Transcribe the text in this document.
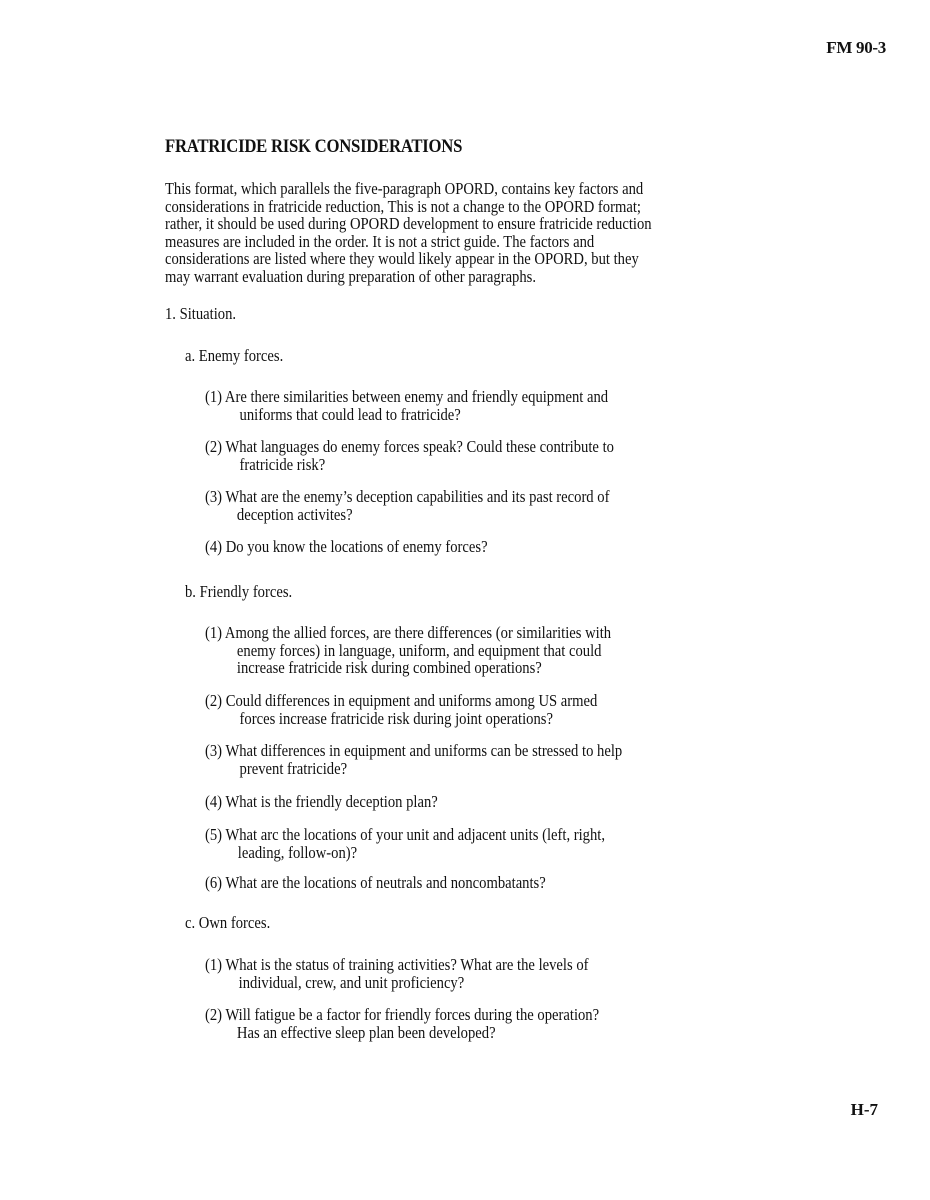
FM 90-3
FRATRICIDE RISK CONSIDERATIONS

This format, which parallels the five-paragraph OPORD, contains key factors and considerations in fratricide reduction, This is not a change to the OPORD format; rather, it should be used during OPORD development to ensure fratricide reduction measures are included in the order. It is not a strict guide. The factors and considerations are listed where they would likely appear in the OPORD, but they may warrant evaluation during preparation of other paragraphs.

1. Situation.
a. Enemy forces.
(1) Are there similarities between enemy and friendly equipment and
uniforms that could lead to fratricide?
(2) What languages do enemy forces speak? Could these contribute to
fratricide risk?
(3) What are the enemy’s deception capabilities and its past record of
deception activites?
(4) Do you know the locations of enemy forces?
b. Friendly forces.
(1) Among the allied forces, are there differences (or similarities with
enemy forces) in language, uniform, and equipment that could
increase fratricide risk during combined operations?
(2) Could differences in equipment and uniforms among US armed
forces increase fratricide risk during joint operations?
(3) What differences in equipment and uniforms can be stressed to help
prevent fratricide?
(4) What is the friendly deception plan?
(5) What arc the locations of your unit and adjacent units (left, right,
leading, follow-on)?
(6) What are the locations of neutrals and noncombatants?
c. Own forces.
(1) What is the status of training activities? What are the levels of
individual, crew, and unit proficiency?
(2) Will fatigue be a factor for friendly forces during the operation?
Has an effective sleep plan been developed?
H-7
